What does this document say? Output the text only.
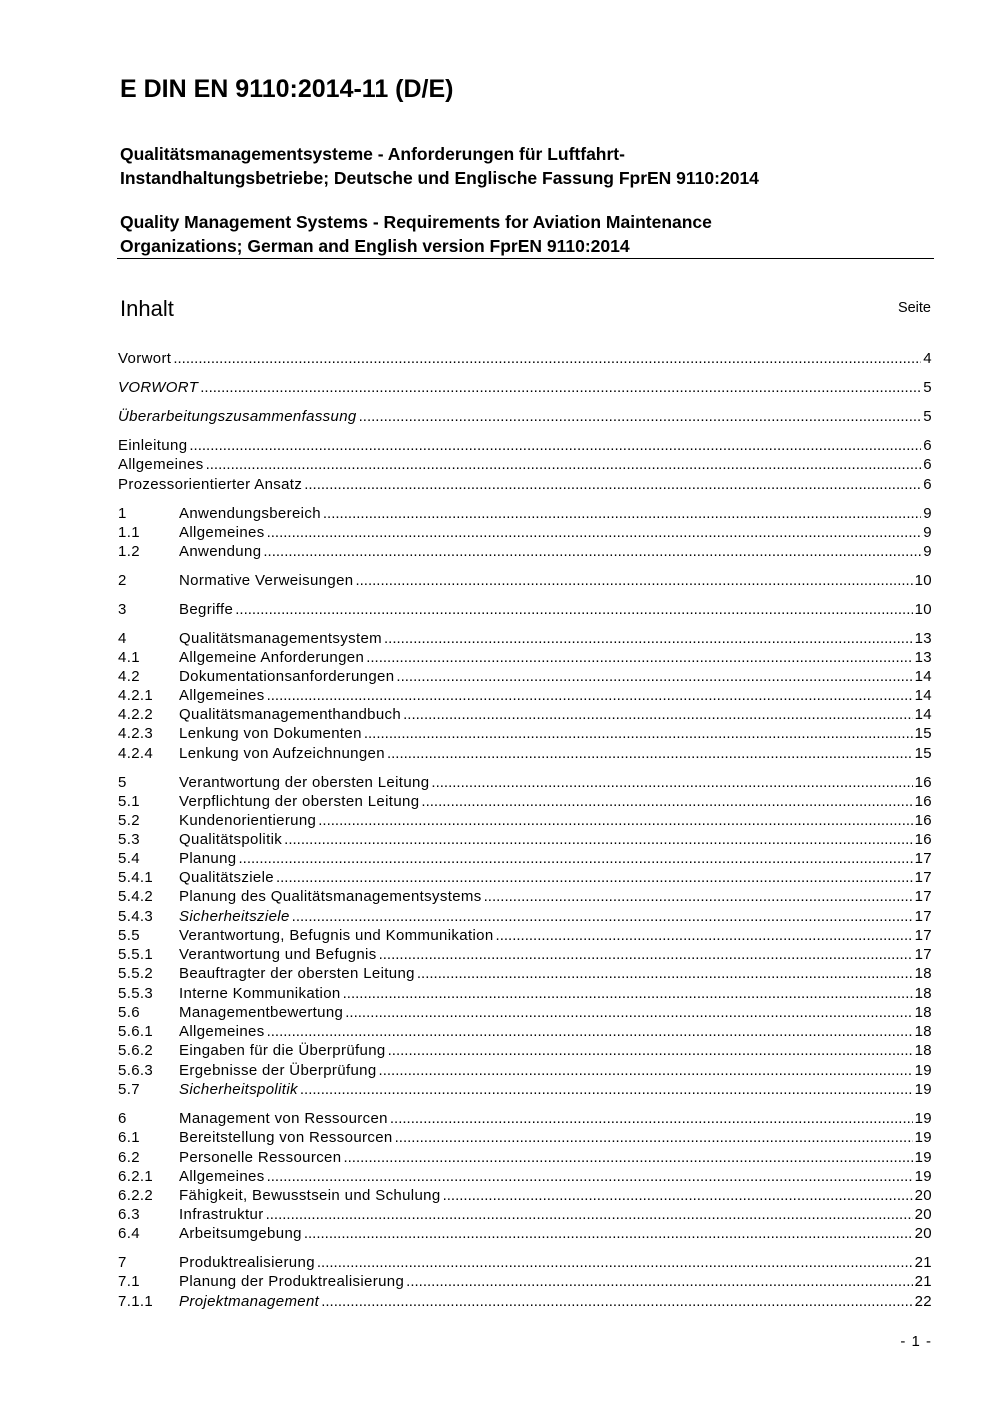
E DIN EN 9110:2014-11 (D/E)
Qualitätsmanagementsysteme - Anforderungen für Luftfahrt-
Instandhaltungsbetriebe; Deutsche und Englische Fassung FprEN 9110:2014
Quality Management Systems - Requirements for Aviation Maintenance
Organizations; German and English version FprEN 9110:2014
Inhalt	Seite
Vorwort .....	4
VORWORT .....	5
Überarbeitungszusammenfassung .....	5
Einleitung .....	6
Allgemeines .....	6
Prozessorientierter Ansatz .....	6
1	Anwendungsbereich .....	9
1.1	Allgemeines .....	9
1.2	Anwendung .....	9
2	Normative Verweisungen .....	10
3	Begriffe .....	10
4	Qualitätsmanagementsystem .....	13
4.1	Allgemeine Anforderungen .....	13
4.2	Dokumentationsanforderungen .....	14
4.2.1	Allgemeines .....	14
4.2.2	Qualitätsmanagementhandbuch .....	14
4.2.3	Lenkung von Dokumenten .....	15
4.2.4	Lenkung von Aufzeichnungen .....	15
5	Verantwortung der obersten Leitung .....	16
5.1	Verpflichtung der obersten Leitung .....	16
5.2	Kundenorientierung .....	16
5.3	Qualitätspolitik .....	16
5.4	Planung .....	17
5.4.1	Qualitätsziele .....	17
5.4.2	Planung des Qualitätsmanagementsystems .....	17
5.4.3	Sicherheitsziele .....	17
5.5	Verantwortung, Befugnis und Kommunikation .....	17
5.5.1	Verantwortung und Befugnis .....	17
5.5.2	Beauftragter der obersten Leitung .....	18
5.5.3	Interne Kommunikation .....	18
5.6	Managementbewertung .....	18
5.6.1	Allgemeines .....	18
5.6.2	Eingaben für die Überprüfung .....	18
5.6.3	Ergebnisse der Überprüfung .....	19
5.7	Sicherheitspolitik .....	19
6	Management von Ressourcen .....	19
6.1	Bereitstellung von Ressourcen .....	19
6.2	Personelle Ressourcen .....	19
6.2.1	Allgemeines .....	19
6.2.2	Fähigkeit, Bewusstsein und Schulung .....	20
6.3	Infrastruktur .....	20
6.4	Arbeitsumgebung .....	20
7	Produktrealisierung .....	21
7.1	Planung der Produktrealisierung .....	21
7.1.1	Projektmanagement .....	22
- 1 -
